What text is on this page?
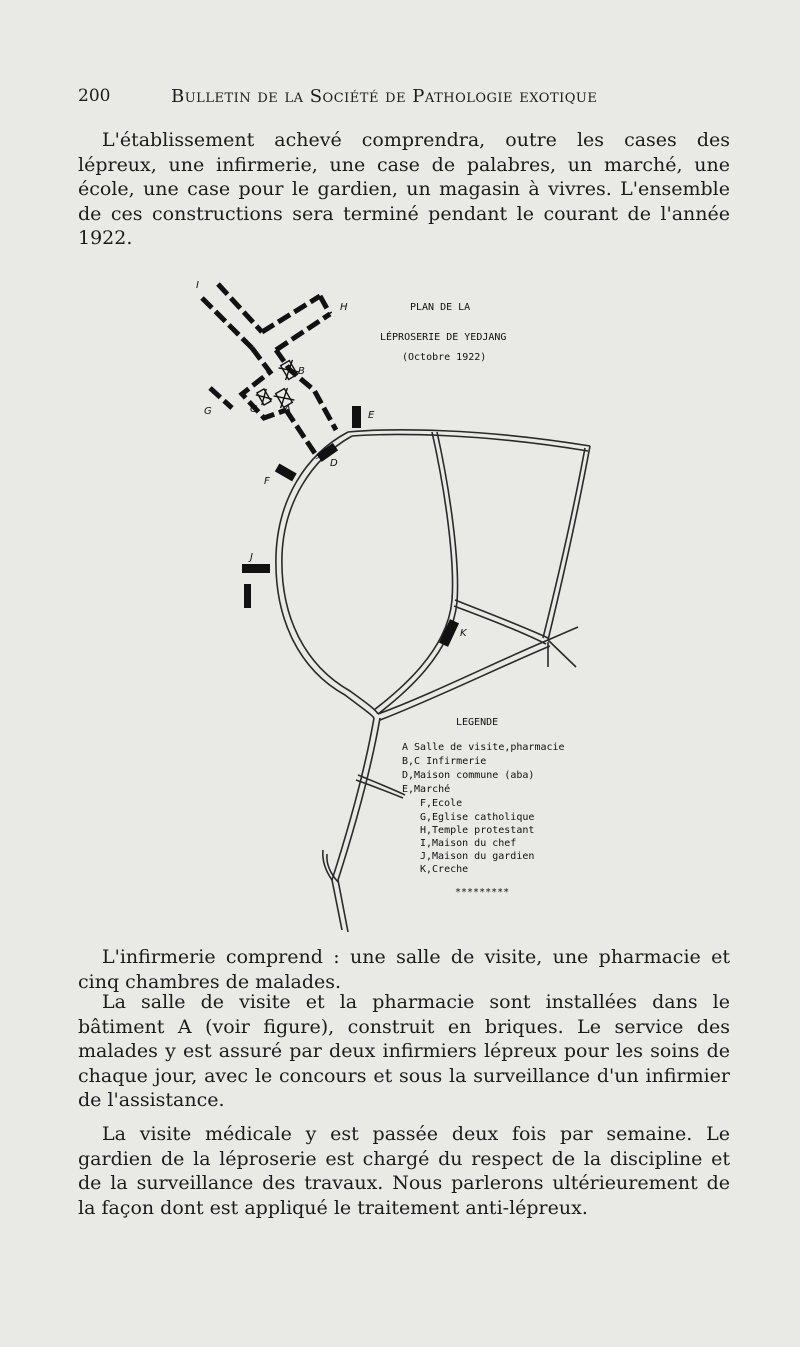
200	Bulletin de la Société de Pathologie exotique

L'établissement achevé comprendra, outre les cases des lépreux, une infirmerie, une case de palabres, un marché, une école, une case pour le gardien, un magasin à vivres. L'ensemble de ces constructions sera terminé pendant le courant de l'année 1922.

I
H
B
G	C	A
E
D
F
J
K
PLAN DE LA
LÉPROSERIE DE YEDJANG
(Octobre 1922)
LEGENDE
A Salle de visite,pharmacie
B,C Infirmerie
D,Maison commune (aba)
E,Marché
F,Ecole
G,Eglise catholique
H,Temple protestant
I,Maison du chef
J,Maison du gardien
K,Creche
*********

L'infirmerie comprend : une salle de visite, une pharmacie et cinq chambres de malades.

La salle de visite et la pharmacie sont installées dans le bâtiment A (voir figure), construit en briques. Le service des malades y est assuré par deux infirmiers lépreux pour les soins de chaque jour, avec le concours et sous la surveillance d'un infirmier de l'assistance.

La visite médicale y est passée deux fois par semaine. Le gardien de la léproserie est chargé du respect de la discipline et de la surveillance des travaux. Nous parlerons ultérieurement de la façon dont est appliqué le traitement anti-lépreux.
